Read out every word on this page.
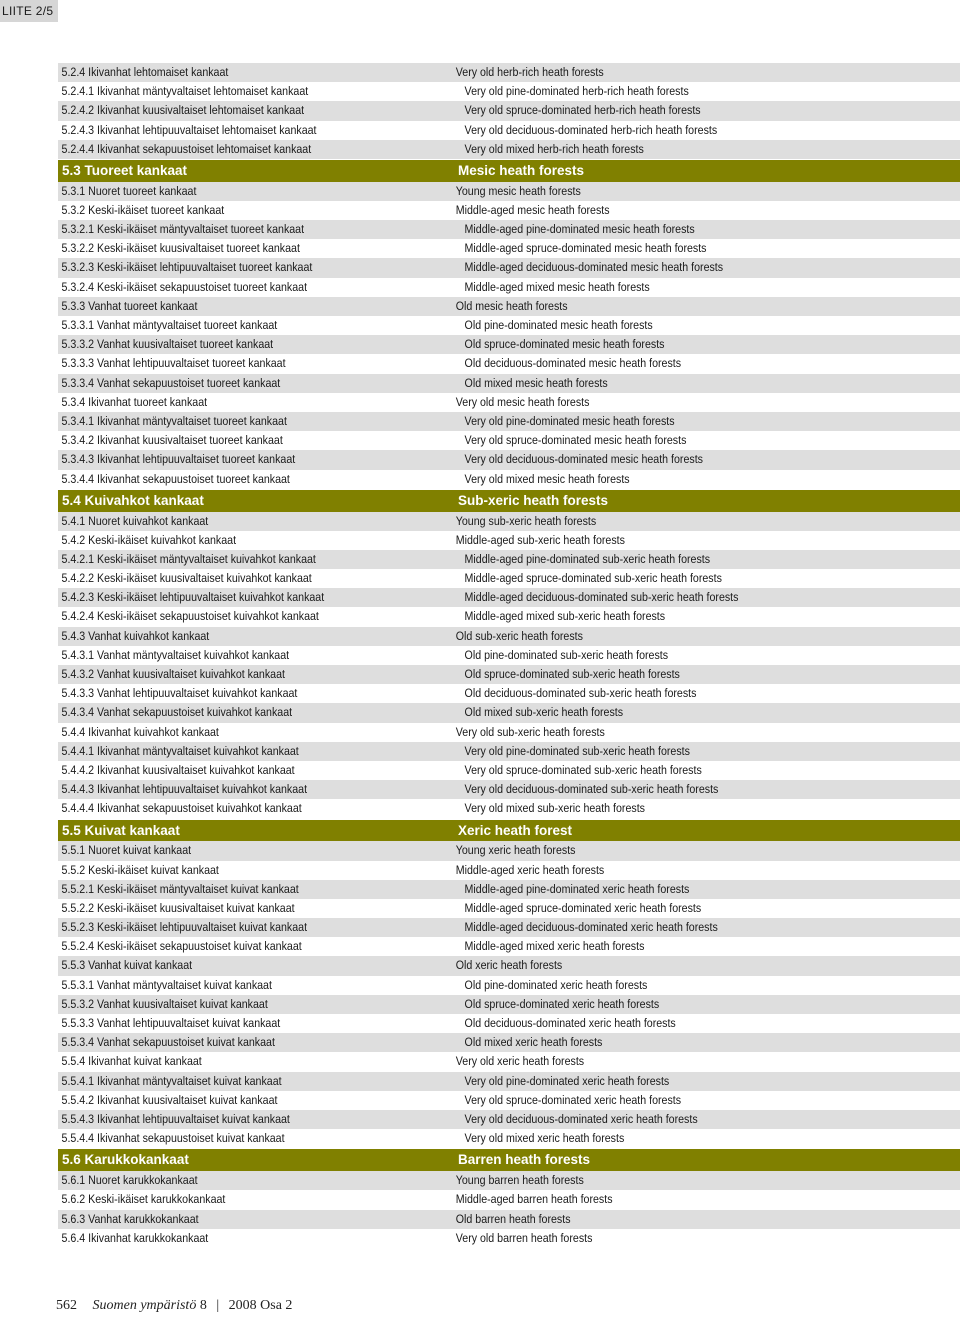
LIITE 2/5
5.2.4 Ikivanhat lehtomaiset kankaat	Very old herb-rich heath forests
5.2.4.1 Ikivanhat mäntyvaltaiset lehtomaiset kankaat	Very old pine-dominated herb-rich heath forests
5.2.4.2 Ikivanhat kuusivaltaiset lehtomaiset kankaat	Very old spruce-dominated herb-rich heath forests
5.2.4.3 Ikivanhat lehtipuuvaltaiset lehtomaiset kankaat	Very old deciduous-dominated herb-rich heath forests
5.2.4.4 Ikivanhat sekapuustoiset lehtomaiset kankaat	Very old mixed herb-rich heath forests
5.3 Tuoreet kankaat	Mesic heath forests
5.3.1 Nuoret tuoreet kankaat	Young mesic heath forests
5.3.2 Keski-ikäiset tuoreet kankaat	Middle-aged mesic heath forests
5.3.2.1 Keski-ikäiset mäntyvaltaiset tuoreet kankaat	Middle-aged pine-dominated mesic heath forests
5.3.2.2 Keski-ikäiset kuusivaltaiset tuoreet kankaat	Middle-aged spruce-dominated mesic heath forests
5.3.2.3 Keski-ikäiset lehtipuuvaltaiset tuoreet kankaat	Middle-aged deciduous-dominated mesic heath forests
5.3.2.4 Keski-ikäiset sekapuustoiset tuoreet kankaat	Middle-aged mixed mesic heath forests
5.3.3 Vanhat tuoreet kankaat	Old mesic heath forests
5.3.3.1 Vanhat mäntyvaltaiset tuoreet kankaat	Old pine-dominated mesic heath forests
5.3.3.2 Vanhat kuusivaltaiset tuoreet kankaat	Old spruce-dominated mesic heath forests
5.3.3.3 Vanhat lehtipuuvaltaiset tuoreet kankaat	Old deciduous-dominated mesic heath forests
5.3.3.4 Vanhat sekapuustoiset tuoreet kankaat	Old mixed mesic heath forests
5.3.4 Ikivanhat tuoreet kankaat	Very old mesic heath forests
5.3.4.1 Ikivanhat mäntyvaltaiset tuoreet kankaat	Very old pine-dominated mesic heath forests
5.3.4.2 Ikivanhat kuusivaltaiset tuoreet kankaat	Very old spruce-dominated mesic heath forests
5.3.4.3 Ikivanhat lehtipuuvaltaiset tuoreet kankaat	Very old deciduous-dominated mesic heath forests
5.3.4.4 Ikivanhat sekapuustoiset tuoreet kankaat	Very old mixed mesic heath forests
5.4 Kuivahkot kankaat	Sub-xeric heath forests
5.4.1 Nuoret kuivahkot kankaat	Young sub-xeric heath forests
5.4.2 Keski-ikäiset kuivahkot kankaat	Middle-aged sub-xeric heath forests
5.4.2.1 Keski-ikäiset mäntyvaltaiset kuivahkot kankaat	Middle-aged pine-dominated sub-xeric heath forests
5.4.2.2 Keski-ikäiset kuusivaltaiset kuivahkot kankaat	Middle-aged spruce-dominated sub-xeric heath forests
5.4.2.3 Keski-ikäiset lehtipuuvaltaiset kuivahkot kankaat	Middle-aged deciduous-dominated sub-xeric heath forests
5.4.2.4 Keski-ikäiset sekapuustoiset kuivahkot kankaat	Middle-aged mixed sub-xeric heath forests
5.4.3 Vanhat kuivahkot kankaat	Old sub-xeric heath forests
5.4.3.1 Vanhat mäntyvaltaiset kuivahkot kankaat	Old pine-dominated sub-xeric heath forests
5.4.3.2 Vanhat kuusivaltaiset kuivahkot kankaat	Old spruce-dominated sub-xeric heath forests
5.4.3.3 Vanhat lehtipuuvaltaiset kuivahkot kankaat	Old deciduous-dominated sub-xeric heath forests
5.4.3.4 Vanhat sekapuustoiset kuivahkot kankaat	Old mixed sub-xeric heath forests
5.4.4 Ikivanhat kuivahkot kankaat	Very old sub-xeric heath forests
5.4.4.1 Ikivanhat mäntyvaltaiset kuivahkot kankaat	Very old pine-dominated sub-xeric heath forests
5.4.4.2 Ikivanhat kuusivaltaiset kuivahkot kankaat	Very old spruce-dominated sub-xeric heath forests
5.4.4.3 Ikivanhat lehtipuuvaltaiset kuivahkot kankaat	Very old deciduous-dominated sub-xeric heath forests
5.4.4.4 Ikivanhat sekapuustoiset kuivahkot kankaat	Very old mixed sub-xeric heath forests
5.5 Kuivat kankaat	Xeric heath forest
5.5.1 Nuoret kuivat kankaat	Young xeric heath forests
5.5.2 Keski-ikäiset kuivat kankaat	Middle-aged xeric heath forests
5.5.2.1 Keski-ikäiset mäntyvaltaiset kuivat kankaat	Middle-aged pine-dominated xeric heath forests
5.5.2.2 Keski-ikäiset kuusivaltaiset kuivat kankaat	Middle-aged spruce-dominated xeric heath forests
5.5.2.3 Keski-ikäiset lehtipuuvaltaiset kuivat kankaat	Middle-aged deciduous-dominated xeric heath forests
5.5.2.4 Keski-ikäiset sekapuustoiset kuivat kankaat	Middle-aged mixed xeric heath forests
5.5.3 Vanhat kuivat kankaat	Old xeric heath forests
5.5.3.1 Vanhat mäntyvaltaiset kuivat kankaat	Old pine-dominated xeric heath forests
5.5.3.2 Vanhat kuusivaltaiset kuivat kankaat	Old spruce-dominated xeric heath forests
5.5.3.3 Vanhat lehtipuuvaltaiset kuivat kankaat	Old deciduous-dominated xeric heath forests
5.5.3.4 Vanhat sekapuustoiset kuivat kankaat	Old mixed xeric heath forests
5.5.4 Ikivanhat kuivat kankaat	Very old xeric heath forests
5.5.4.1 Ikivanhat mäntyvaltaiset kuivat kankaat	Very old pine-dominated xeric heath forests
5.5.4.2 Ikivanhat kuusivaltaiset kuivat kankaat	Very old spruce-dominated xeric heath forests
5.5.4.3 Ikivanhat lehtipuuvaltaiset kuivat kankaat	Very old deciduous-dominated xeric heath forests
5.5.4.4 Ikivanhat sekapuustoiset kuivat kankaat	Very old mixed xeric heath forests
5.6 Karukkokankaat	Barren heath forests
5.6.1 Nuoret karukkokankaat	Young barren heath forests
5.6.2 Keski-ikäiset karukkokankaat	Middle-aged barren heath forests
5.6.3 Vanhat karukkokankaat	Old barren heath forests
5.6.4 Ikivanhat karukkokankaat	Very old barren heath forests
562 Suomen ympäristö 8 | 2008 Osa 2
